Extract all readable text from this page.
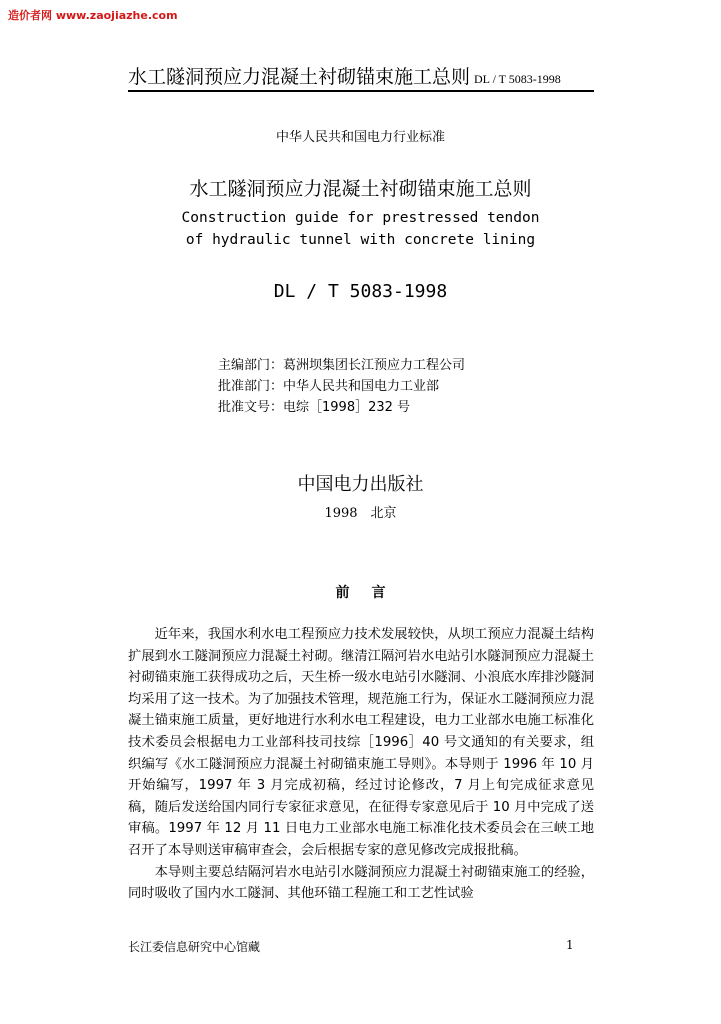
造价者网 www.zaojiazhe.com
水工隧洞预应力混凝土衬砌锚束施工总则 DL / T 5083-1998
中华人民共和国电力行业标准
水工隧洞预应力混凝土衬砌锚束施工总则
Construction guide for prestressed tendon
of hydraulic tunnel with concrete lining
DL / T 5083-1998
主编部门：葛洲坝集团长江预应力工程公司
批准部门：中华人民共和国电力工业部
批准文号：电综［1998］232 号
中国电力出版社
1998　北京
前言

近年来，我国水利水电工程预应力技术发展较快，从坝工预应力混凝土结构扩展到水工隧洞预应力混凝土衬砌。继清江隔河岩水电站引水隧洞预应力混凝土衬砌锚束施工获得成功之后，天生桥一级水电站引水隧洞、小浪底水库排沙隧洞均采用了这一技术。为了加强技术管理，规范施工行为，保证水工隧洞预应力混凝土锚束施工质量，更好地进行水利水电工程建设，电力工业部水电施工标准化技术委员会根据电力工业部科技司技综［1996］40 号文通知的有关要求，组织编写《水工隧洞预应力混凝土衬砌锚束施工导则》。本导则于 1996 年 10 月开始编写，1997 年 3 月完成初稿，经过讨论修改，7 月上旬完成征求意见稿，随后发送给国内同行专家征求意见，在征得专家意见后于 10 月中完成了送审稿。1997 年 12 月 11 日电力工业部水电施工标准化技术委员会在三峡工地召开了本导则送审稿审查会，会后根据专家的意见修改完成报批稿。

本导则主要总结隔河岩水电站引水隧洞预应力混凝土衬砌锚束施工的经验，同时吸收了国内水工隧洞、其他环锚工程施工和工艺性试验

长江委信息研究中心馆藏	1
